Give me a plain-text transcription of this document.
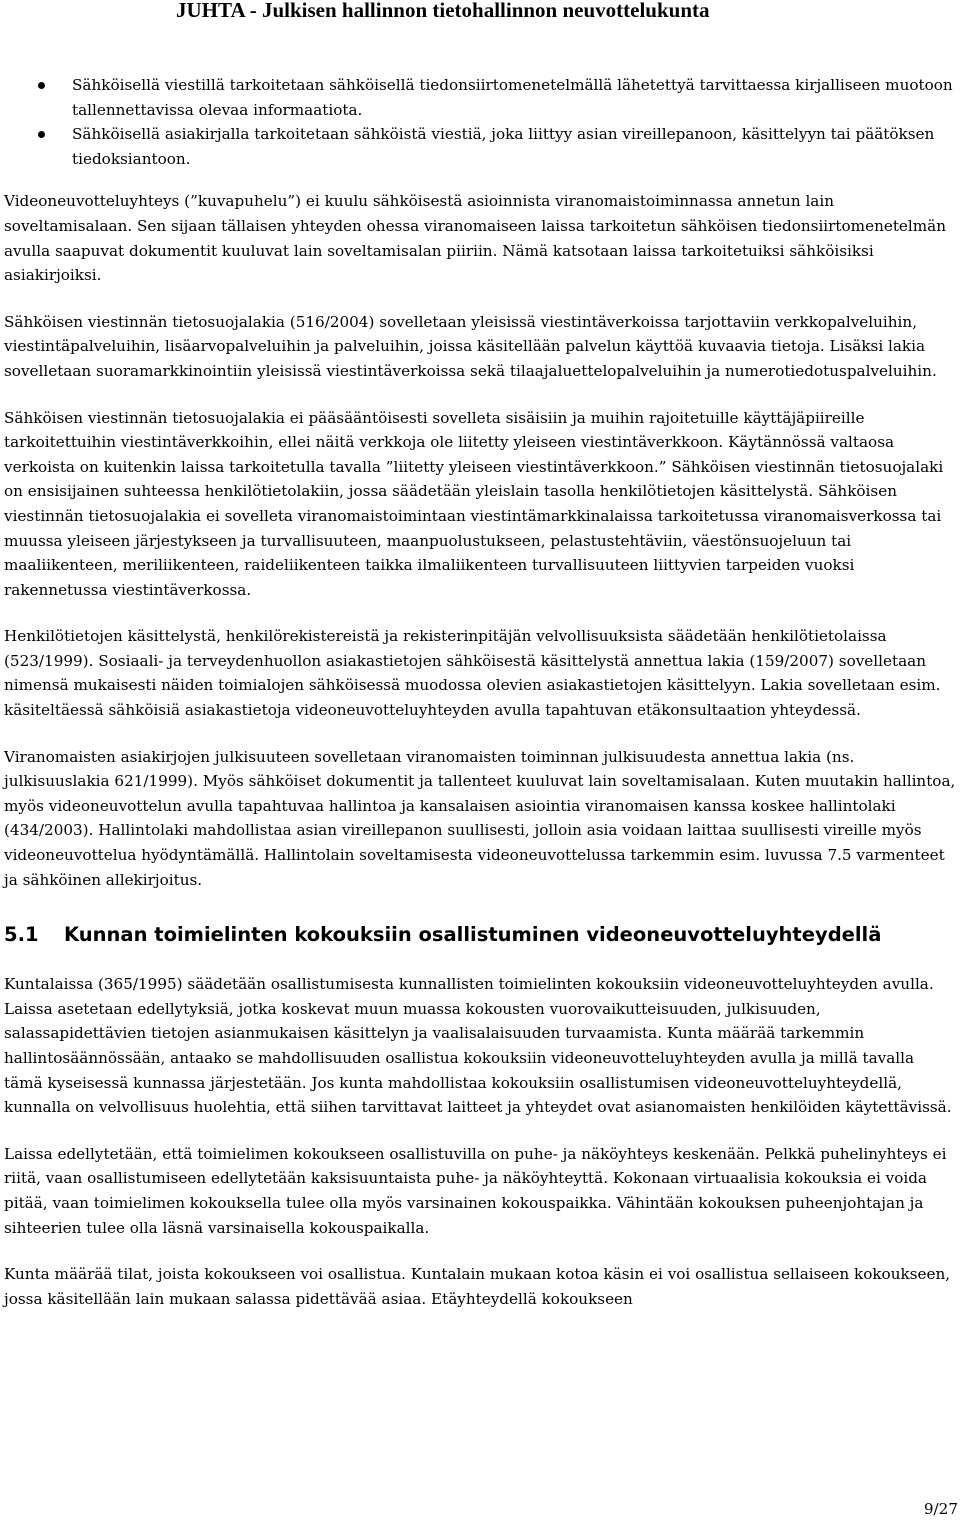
JUHTA - Julkisen hallinnon tietohallinnon neuvottelukunta
Sähköisellä viestillä tarkoitetaan sähköisellä tiedonsiirtomenetelmällä lähetettyä tarvittaessa kirjalliseen muotoon tallennettavissa olevaa informaatiota.
Sähköisellä asiakirjalla tarkoitetaan sähköistä viestiä, joka liittyy asian vireillepanoon, käsittelyyn tai päätöksen tiedoksiantoon.

Videoneuvotteluyhteys (”kuvapuhelu”) ei kuulu sähköisestä asioinnista viranomaistoiminnassa annetun lain soveltamisalaan. Sen sijaan tällaisen yhteyden ohessa viranomaiseen laissa tarkoitetun sähköisen tiedonsiirtomenetelmän avulla saapuvat dokumentit kuuluvat lain soveltamisalan piiriin. Nämä katsotaan laissa tarkoitetuiksi sähköisiksi asiakirjoiksi.

Sähköisen viestinnän tietosuojalakia (516/2004) sovelletaan yleisissä viestintäverkoissa tarjottaviin verkkopalveluihin, viestintäpalveluihin, lisäarvopalveluihin ja palveluihin, joissa käsitellään palvelun käyttöä kuvaavia tietoja. Lisäksi lakia sovelletaan suoramarkkinointiin yleisissä viestintäverkoissa sekä tilaajaluettelopalveluihin ja numerotiedotuspalveluihin.

Sähköisen viestinnän tietosuojalakia ei pääsääntöisesti sovelleta sisäisiin ja muihin rajoitetuille käyttäjäpiireille tarkoitettuihin viestintäverkkoihin, ellei näitä verkkoja ole liitetty yleiseen viestintäverkkoon. Käytännössä valtaosa verkoista on kuitenkin laissa tarkoitetulla tavalla ”liitetty yleiseen viestintäverkkoon.” Sähköisen viestinnän tietosuojalaki on ensisijainen suhteessa henkilötietolakiin, jossa säädetään yleislain tasolla henkilötietojen käsittelystä. Sähköisen viestinnän tietosuojalakia ei sovelleta viranomaistoimintaan viestintämarkkinalaissa tarkoitetussa viranomaisverkossa tai muussa yleiseen järjestykseen ja turvallisuuteen, maanpuolustukseen, pelastustehtäviin, väestönsuojeluun tai maaliikenteen, meriliikenteen, raideliikenteen taikka ilmaliikenteen turvallisuuteen liittyvien tarpeiden vuoksi rakennetussa viestintäverkossa.

Henkilötietojen käsittelystä, henkilörekistereistä ja rekisterinpitäjän velvollisuuksista säädetään henkilötietolaissa (523/1999). Sosiaali- ja terveydenhuollon asiakastietojen sähköisestä käsittelystä annettua lakia (159/2007) sovelletaan nimensä mukaisesti näiden toimialojen sähköisessä muodossa olevien asiakastietojen käsittelyyn. Lakia sovelletaan esim. käsiteltäessä sähköisiä asiakastietoja videoneuvotteluyhteyden avulla tapahtuvan etäkonsultaation yhteydessä.

Viranomaisten asiakirjojen julkisuuteen sovelletaan viranomaisten toiminnan julkisuudesta annettua lakia (ns. julkisuuslakia 621/1999). Myös sähköiset dokumentit ja tallenteet kuuluvat lain soveltamisalaan. Kuten muutakin hallintoa, myös videoneuvottelun avulla tapahtuvaa hallintoa ja kansalaisen asiointia viranomaisen kanssa koskee hallintolaki (434/2003). Hallintolaki mahdollistaa asian vireillepanon suullisesti, jolloin asia voidaan laittaa suullisesti vireille myös videoneuvottelua hyödyntämällä. Hallintolain soveltamisesta videoneuvottelussa tarkemmin esim. luvussa 7.5 varmenteet ja sähköinen allekirjoitus.

5.1 Kunnan toimielinten kokouksiin osallistuminen videoneuvotteluyhteydellä

Kuntalaissa (365/1995) säädetään osallistumisesta kunnallisten toimielinten kokouksiin videoneuvotteluyhteyden avulla. Laissa asetetaan edellytyksiä, jotka koskevat muun muassa kokousten vuorovaikutteisuuden, julkisuuden, salassapidettävien tietojen asianmukaisen käsittelyn ja vaalisalaisuuden turvaamista. Kunta määrää tarkemmin hallintosäännössään, antaako se mahdollisuuden osallistua kokouksiin videoneuvotteluyhteyden avulla ja millä tavalla tämä kyseisessä kunnassa järjestetään. Jos kunta mahdollistaa kokouksiin osallistumisen videoneuvotteluyhteydellä, kunnalla on velvollisuus huolehtia, että siihen tarvittavat laitteet ja yhteydet ovat asianomaisten henkilöiden käytettävissä.

Laissa edellytetään, että toimielimen kokoukseen osallistuvilla on puhe- ja näköyhteys keskenään. Pelkkä puhelinyhteys ei riitä, vaan osallistumiseen edellytetään kaksisuuntaista puhe- ja näköyhteyttä. Kokonaan virtuaalisia kokouksia ei voida pitää, vaan toimielimen kokouksella tulee olla myös varsinainen kokouspaikka. Vähintään kokouksen puheenjohtajan ja sihteerien tulee olla läsnä varsinaisella kokouspaikalla.

Kunta määrää tilat, joista kokoukseen voi osallistua. Kuntalain mukaan kotoa käsin ei voi osallistua sellaiseen kokoukseen, jossa käsitellään lain mukaan salassa pidettävää asiaa. Etäyhteydellä kokoukseen

9/27
